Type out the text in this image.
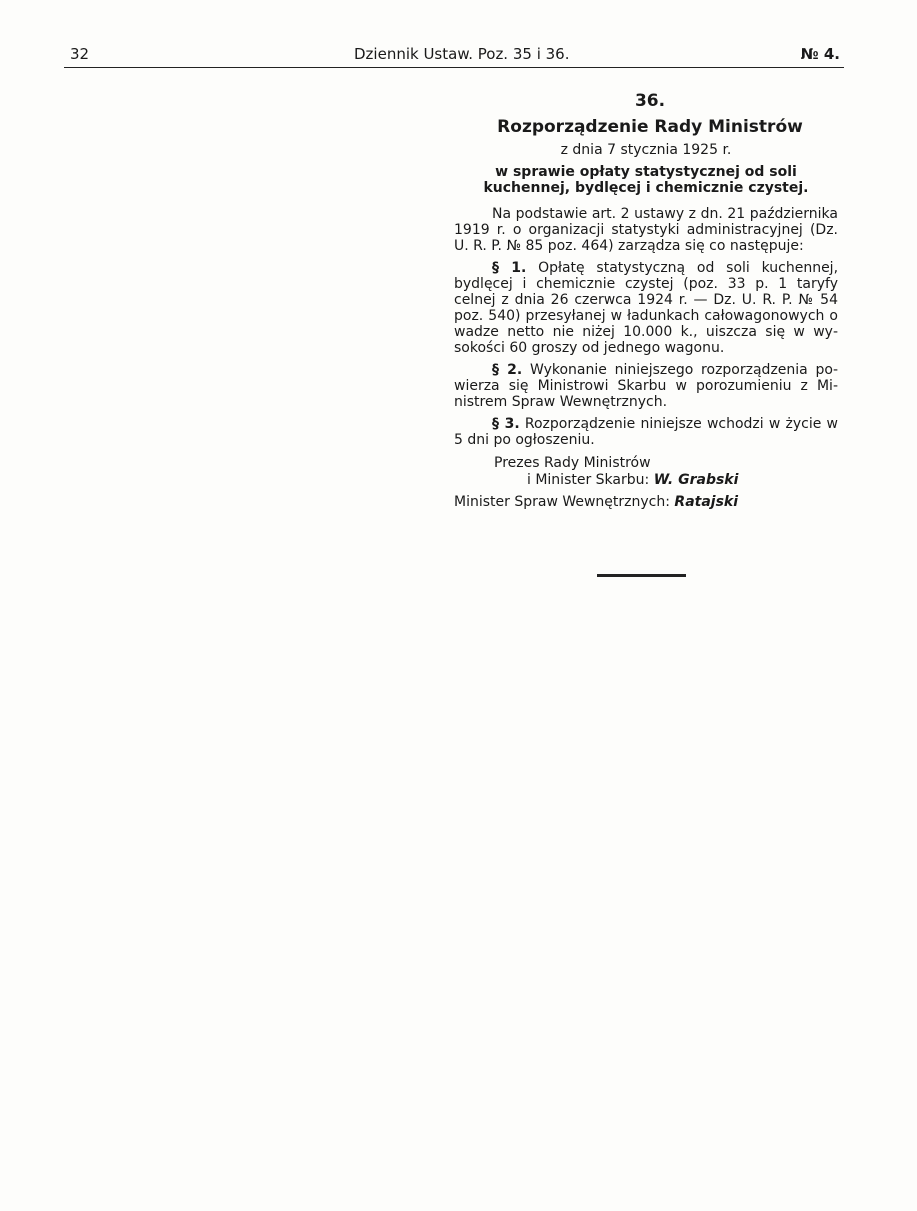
32	Dziennik Ustaw. Poz. 35 i 36.	№ 4.
36.
Rozporządzenie Rady Ministrów
z dnia 7 stycznia 1925 r.
w sprawie opłaty statystycznej od soli kuchennej, bydlęcej i chemicznie czystej.

Na podstawie art. 2 ustawy z dn. 21 października 1919 r. o organizacji statystyki administracyjnej (Dz. U. R. P. № 85 poz. 464) zarządza się co następuje:

§ 1. Opłatę statystyczną od soli kuchennej, bydlęcej i chemicznie czystej (poz. 33 p. 1 taryfy celnej z dnia 26 czerwca 1924 r. — Dz. U. R. P. № 54 poz. 540) przesyłanej w ładunkach całowagonowych o wadze netto nie niżej 10.000 k., uiszcza się w wysokości 60 groszy od jednego wagonu.

§ 2. Wykonanie niniejszego rozporządzenia powierza się Ministrowi Skarbu w porozumieniu z Ministrem Spraw Wewnętrznych.

§ 3. Rozporządzenie niniejsze wchodzi w życie w 5 dni po ogłoszeniu.

Prezes Rady Ministrów
i Minister Skarbu: W. Grabski
Minister Spraw Wewnętrznych: Ratajski
